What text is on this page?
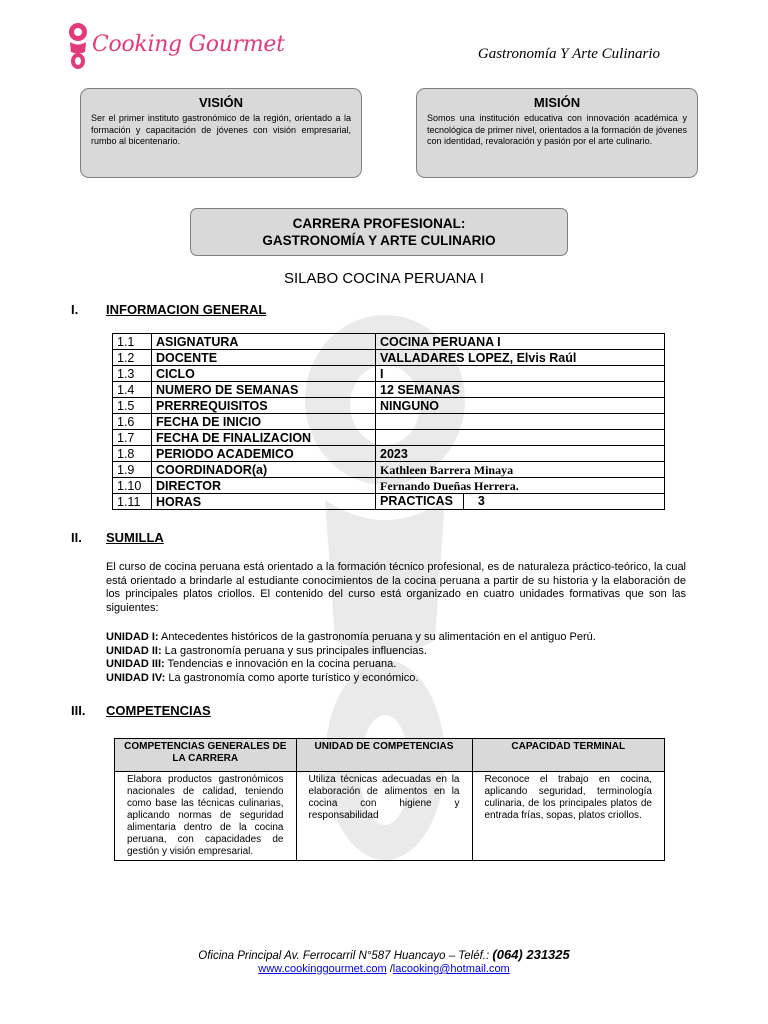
Cooking Gourmet	Gastronomía Y Arte Culinario
VISIÓN

Ser el primer instituto gastronómico de la región, orientado a la formación y capacitación de jóvenes con visión empresarial, rumbo al bicentenario.

MISIÓN

Somos una institución educativa con innovación académica y tecnológica de primer nivel, orientados a la formación de jóvenes con identidad, revaloración y pasión por el arte culinario.

CARRERA PROFESIONAL:
GASTRONOMÍA Y ARTE CULINARIO
SILABO COCINA PERUANA I
I. INFORMACION GENERAL
1.1	ASIGNATURA	COCINA PERUANA I
1.2	DOCENTE	VALLADARES LOPEZ, Elvis Raúl
1.3	CICLO	I
1.4	NUMERO DE SEMANAS	12 SEMANAS
1.5	PRERREQUISITOS	NINGUNO
1.6	FECHA DE INICIO	
1.7	FECHA DE FINALIZACION	
1.8	PERIODO ACADEMICO	2023
1.9	COORDINADOR(a)	Kathleen Barrera Minaya
1.10	DIRECTOR	Fernando Dueñas Herrera.
1.11	HORAS	PRACTICAS 3
II. SUMILLA

El curso de cocina peruana está orientado a la formación técnico profesional, es de naturaleza práctico-teórico, la cual está orientado a brindarle al estudiante conocimientos de la cocina peruana a partir de su historia y la elaboración de los principales platos criollos. El contenido del curso está organizado en cuatro unidades formativas que son las siguientes:

UNIDAD I: Antecedentes históricos de la gastronomía peruana y su alimentación en el antiguo Perú.
UNIDAD II: La gastronomía peruana y sus principales influencias.
UNIDAD III: Tendencias e innovación en la cocina peruana.
UNIDAD IV: La gastronomía como aporte turístico y económico.
III. COMPETENCIAS
COMPETENCIAS GENERALES DE LA CARRERA	UNIDAD DE COMPETENCIAS	CAPACIDAD TERMINAL
Elabora productos gastronómicos nacionales de calidad, teniendo como base las técnicas culinarias, aplicando normas de seguridad alimentaria dentro de la cocina peruana, con capacidades de gestión y visión empresarial.	Utiliza técnicas adecuadas en la elaboración de alimentos en la cocina con higiene y responsabilidad	Reconoce el trabajo en cocina, aplicando seguridad, terminología culinaria, de los principales platos de entrada frías, sopas, platos criollos.
Oficina Principal Av. Ferrocarril N°587 Huancayo – Teléf.: (064) 231325
www.cookinggourmet.com /lacooking@hotmail.com
